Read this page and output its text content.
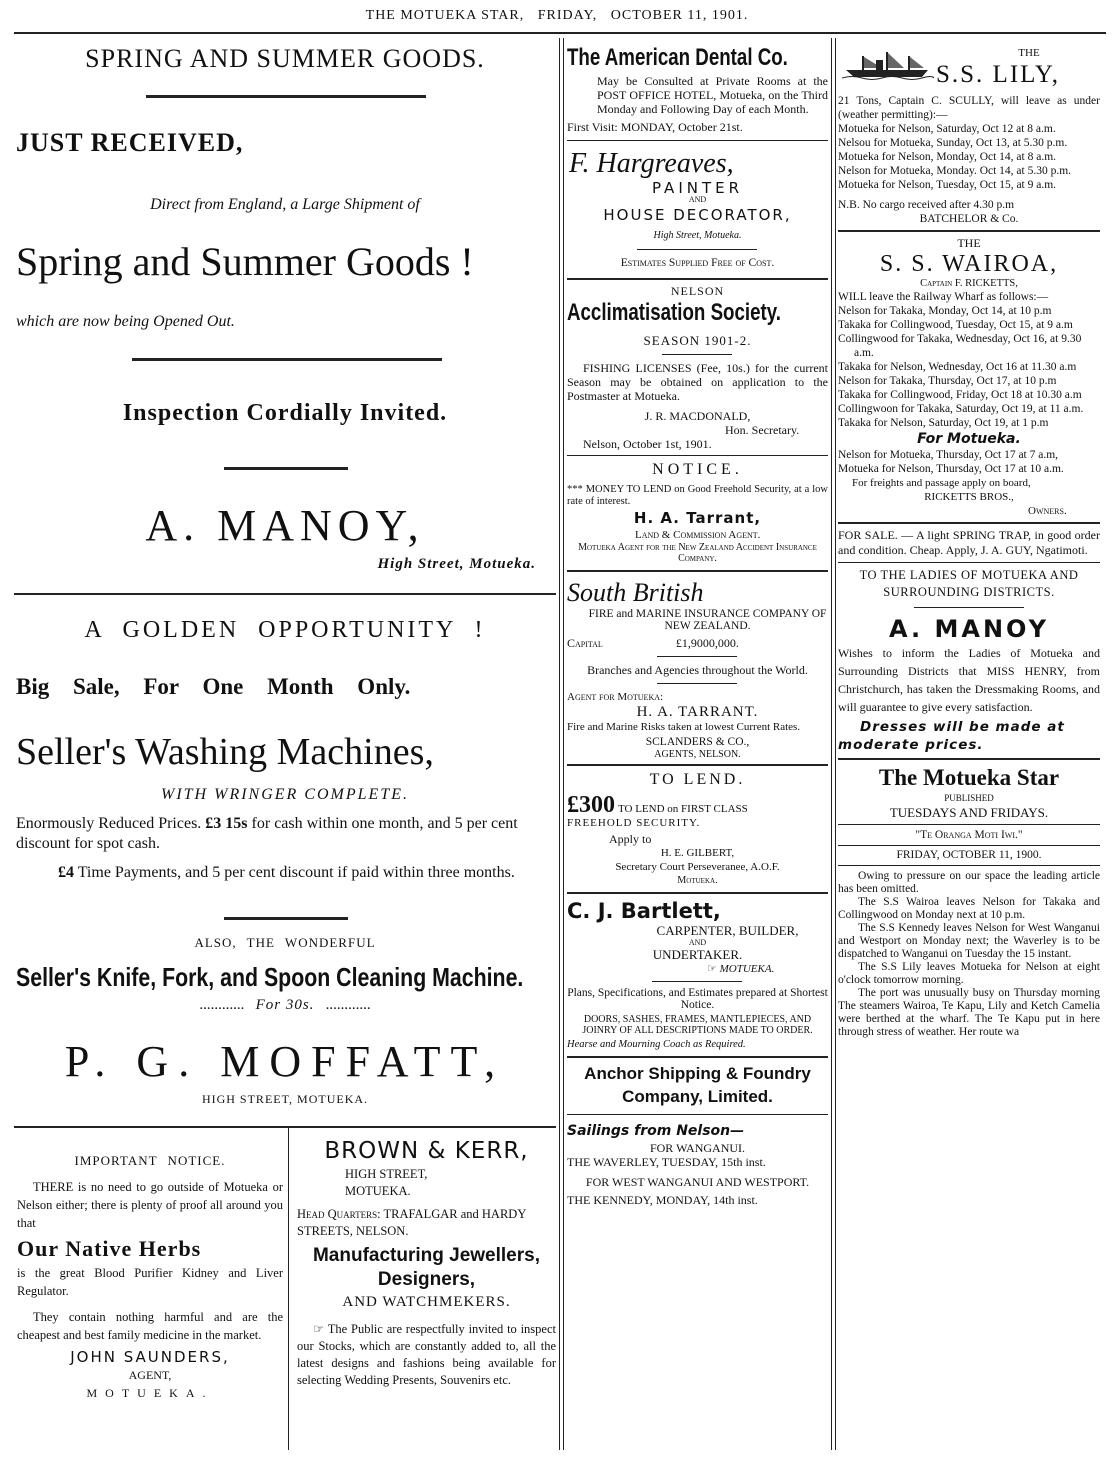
THE MOTUEKA STAR, FRIDAY, OCTOBER 11, 1901.
SPRING AND SUMMER GOODS.
JUST RECEIVED,
Direct from England, a Large Shipment of
Spring and Summer Goods !
which are now being Opened Out.
Inspection Cordially Invited.
A. MANOY,
High Street, Motueka.
A GOLDEN OPPORTUNITY !
Big Sale, For One Month Only.
Seller's Washing Machines,
WITH WRINGER COMPLETE.
Enormously Reduced Prices. £3 15s for cash within one month, and 5 per cent discount for spot cash.
£4 Time Payments, and 5 per cent discount if paid within three months.
ALSO, THE WONDERFUL
Seller's Knife, Fork, and Spoon Cleaning Machine.
............ For 30s. ............
P. G. MOFFATT,
HIGH STREET, MOTUEKA.
IMPORTANT NOTICE.
THERE is no need to go outside of Motueka or Nelson either; there is plenty of proof all around you that
Our Native Herbs
is the great Blood Purifier Kidney and Liver Regulator.
They contain nothing harmful and are the cheapest and best family medicine in the market.
JOHN SAUNDERS,
AGENT,
MOTUEKA.
BROWN & KERR,
HIGH STREET,
MOTUEKA.
Head Quarters: TRAFALGAR and HARDY STREETS, NELSON.
Manufacturing Jewellers, Designers,
AND WATCHMEKERS.
☞ The Public are respectfully invited to inspect our Stocks, which are constantly added to, all the latest designs and fashions being available for selecting Wedding Presents, Souvenirs etc.
The American Dental Co.
May be Consulted at Private Rooms at the POST OFFICE HOTEL, Motueka, on the Third Monday and Following Day of each Month.
First Visit: MONDAY, October 21st.
F. Hargreaves,
PAINTER
AND
HOUSE DECORATOR,
High Street, Motueka.
Estimates Supplied Free of Cost.
NELSON
Acclimatisation Society.
SEASON 1901-2.
FISHING LICENSES (Fee, 10s.) for the current Season may be obtained on application to the Postmaster at Motueka.
J. R. MACDONALD,
Hon. Secretary.
Nelson, October 1st, 1901.
NOTICE.
*** MONEY TO LEND on Good Freehold Security, at a low rate of interest.
H. A. Tarrant,
Land & Commission Agent.
Motueka Agent for the New Zealand Accident Insurance Company.
South British
FIRE and MARINE INSURANCE COMPANY OF NEW ZEALAND.
Capital	£1,9000,000.
Branches and Agencies throughout the World.
Agent for Motueka:
H. A. TARRANT.
Fire and Marine Risks taken at lowest Current Rates.
SCLANDERS & CO.,
AGENTS, NELSON.
TO LEND.
£300 TO LEND on FIRST CLASS
FREEHOLD SECURITY.
Apply to
H. E. GILBERT,
Secretary Court Perseveranee, A.O.F.
Motueka.
C. J. Bartlett,
CARPENTER, BUILDER,
AND
UNDERTAKER.
☞ MOTUEKA.
Plans, Specifications, and Estimates prepared at Shortest Notice.
DOORS, SASHES, FRAMES, MANTLEPIECES, AND JOINRY OF ALL DESCRIPTIONS MADE TO ORDER.
Hearse and Mourning Coach as Required.
Anchor Shipping & Foundry Company, Limited.
Sailings from Nelson—
FOR WANGANUI.
THE WAVERLEY, TUESDAY, 15th inst.
FOR WEST WANGANUI AND WESTPORT.
THE KENNEDY, MONDAY, 14th inst.
THE
S.S. LILY,
21 Tons, Captain C. SCULLY, will leave as under (weather permitting):—
Motueka for Nelson, Saturday, Oct 12 at 8 a.m.
Nelsou for Motueka, Sunday, Oct 13, at 5.30 p.m.
Motueka for Nelson, Monday, Oct 14, at 8 a.m.
Nelson for Motueka, Monday. Oct 14, at 5.30 p.m.
Motueka for Nelson, Tuesday, Oct 15, at 9 a.m.
N.B. No cargo received after 4.30 p.m
BATCHELOR & Co.
THE
S. S. WAIROA,
Captain F. RICKETTS,
WILL leave the Railway Wharf as follows:—
Nelson for Takaka, Monday, Oct 14, at 10 p.m
Takaka for Collingwood, Tuesday, Oct 15, at 9 a.m
Collingwood for Takaka, Wednesday, Oct 16, at 9.30 a.m.
Takaka for Nelson, Wednesday, Oct 16 at 11.30 a.m
Nelson for Takaka, Thursday, Oct 17, at 10 p.m
Takaka for Collingwood, Friday, Oct 18 at 10.30 a.m
Collingwoon for Takaka, Saturday, Oct 19, at 11 a.m.
Takaka for Nelson, Saturday, Oct 19, at 1 p.m
For Motueka.
Nelson for Motueka, Thursday, Oct 17 at 7 a.m,
Motueka for Nelson, Thursday, Oct 17 at 10 a.m.
For freights and passage apply on board,
RICKETTS BROS.,
Owners.
FOR SALE. — A light SPRING TRAP, in good order and condition. Cheap. Apply, J. A. GUY, Ngatimoti.
TO THE LADIES OF MOTUEKA AND SURROUNDING DISTRICTS.
A. MANOY
Wishes to inform the Ladies of Motueka and Surrounding Districts that MISS HENRY, from Christchurch, has taken the Dressmaking Rooms, and will guarantee to give every satisfaction.
Dresses will be made at moderate prices.
The Motueka Star
PUBLISHED
TUESDAYS AND FRIDAYS.
"Te Oranga Moti Iwi."
FRIDAY, OCTOBER 11, 1900.
Owing to pressure on our space the leading article has been omitted.
The S.S Wairoa leaves Nelson for Takaka and Collingwood on Monday next at 10 p.m.
The S.S Kennedy leaves Nelson for West Wanganui and Westport on Monday next; the Waverley is to be dispatched to Wanganui on Tuesday the 15 instant.
The S.S Lily leaves Motueka for Nelson at eight o'clock tomorrow morning.
The port was unusually busy on Thursday morning The steamers Wairoa, Te Kapu, Lily and Ketch Camelia were berthed at the wharf. The Te Kapu put in here through stress of weather. Her route wa
